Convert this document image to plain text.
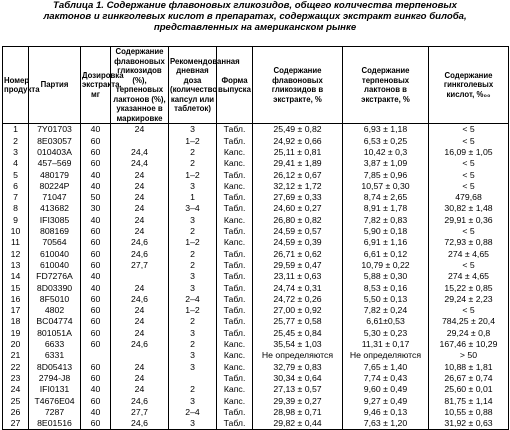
Таблица 1. Содержание флавоновых гликозидов, общего количества терпеновых
лактонов и гинкголевых кислот в препаратах, содержащих экстракт гинкго билоба,
представленных на американском рынке
Номер продукта	Партия	Дозировка экстракта, мг	Содержание флавоновых гликозидов (%), терпеновых лактонов (%), указанное в маркировке	Рекомендованная дневная доза (количество капсул или таблеток)	Форма выпуска	Содержание флавоновых гликозидов в экстракте, %	Содержание терпеновых лактонов в экстракте, %	Содержание гинкголевых кислот, %₀₀
1	7Y01703	40	24	3	Табл.	25,49 ± 0,82	6,93 ± 1,18	< 5
2	8E03057	60		1–2	Табл.	24,92 ± 0,66	6,53 ± 0,25	< 5
3	010403A	60	24,4	2	Капс.	25,11 ± 0,81	10,42 ± 0,3	16,09 ± 1,05
4	457–569	60	24,4	2	Капс.	29,41 ± 1,89	3,87 ± 1,09	< 5
5	480179	40	24	1–2	Табл.	26,12 ± 0,67	7,85 ± 0,96	< 5
6	80224P	40	24	3	Капс.	32,12 ± 1,72	10,57 ± 0,30	< 5
7	71047	50	24	1	Табл.	27,69 ± 0,33	8,74 ± 2,65	479,68
8	413682	30	24	3–4	Табл.	24,60 ± 0,27	8,91 ± 1,78	30,82 ± 1,48
9	IFI3085	40	24	3	Капс.	26,80 ± 0,82	7,82 ± 0,83	29,91 ± 0,36
10	808169	60	24	2	Табл.	24,59 ± 0,57	5,90 ± 0,18	< 5
11	70564	60	24,6	1–2	Капс.	24,59 ± 0,39	6,91 ± 1,16	72,93 ± 0,88
12	610040	60	24,6	2	Табл.	26,71 ± 0,62	6,61 ± 0,12	274 ± 4,65
13	610040	60	27,7	2	Табл.	29,59 ± 0,47	10,79 ± 0,22	< 5
14	FD7276A	40		3	Табл.	23,11 ± 0,63	5,88 ± 0,30	274 ± 4,65
15	8D03390	40	24	3	Табл.	24,74 ± 0,31	8,53 ± 0,16	15,22 ± 0,85
16	8F5010	60	24,6	2–4	Табл.	24,72 ± 0,26	5,50 ± 0,13	29,24 ± 2,23
17	4802	60	24	1–2	Табл.	27,00 ± 0,92	7,82 ± 0,24	< 5
18	BC04774	60	24	2	Табл.	25,77 ± 0,58	6,61±0,53	784,25 ± 20,4
19	801051A	60	24	3	Табл.	25,45 ± 0,84	5,30 ± 0,23	29,24 ± 0,8
20	6633	60	24,6	2	Капс.	35,54 ± 1,03	11,31 ± 0,17	167,46 ± 10,29
21	6331			3	Капс.	Не определяются	Не определяются	> 50
22	8D05413	60	24	3	Капс.	32,79 ± 0,83	7,65 ± 1,40	10,88 ± 1,81
23	2794-J8	60	24		Табл.	30,34 ± 0,64	7,74 ± 0,43	26,67 ± 0,74
24	IFI0131	40	24	2	Капс.	27,13 ± 0,57	9,60 ± 0,49	25,60 ± 0,01
25	T4676E04	60	24,6	3	Капс.	29,39 ± 0,27	9,27 ± 0,49	81,75 ± 1,14
26	7287	40	27,7	2–4	Табл.	28,98 ± 0,71	9,46 ± 0,13	10,55 ± 0,88
27	8E01516	60	24,6	3	Табл.	29,82 ± 0,44	7,63 ± 1,20	31,92 ± 0,63
